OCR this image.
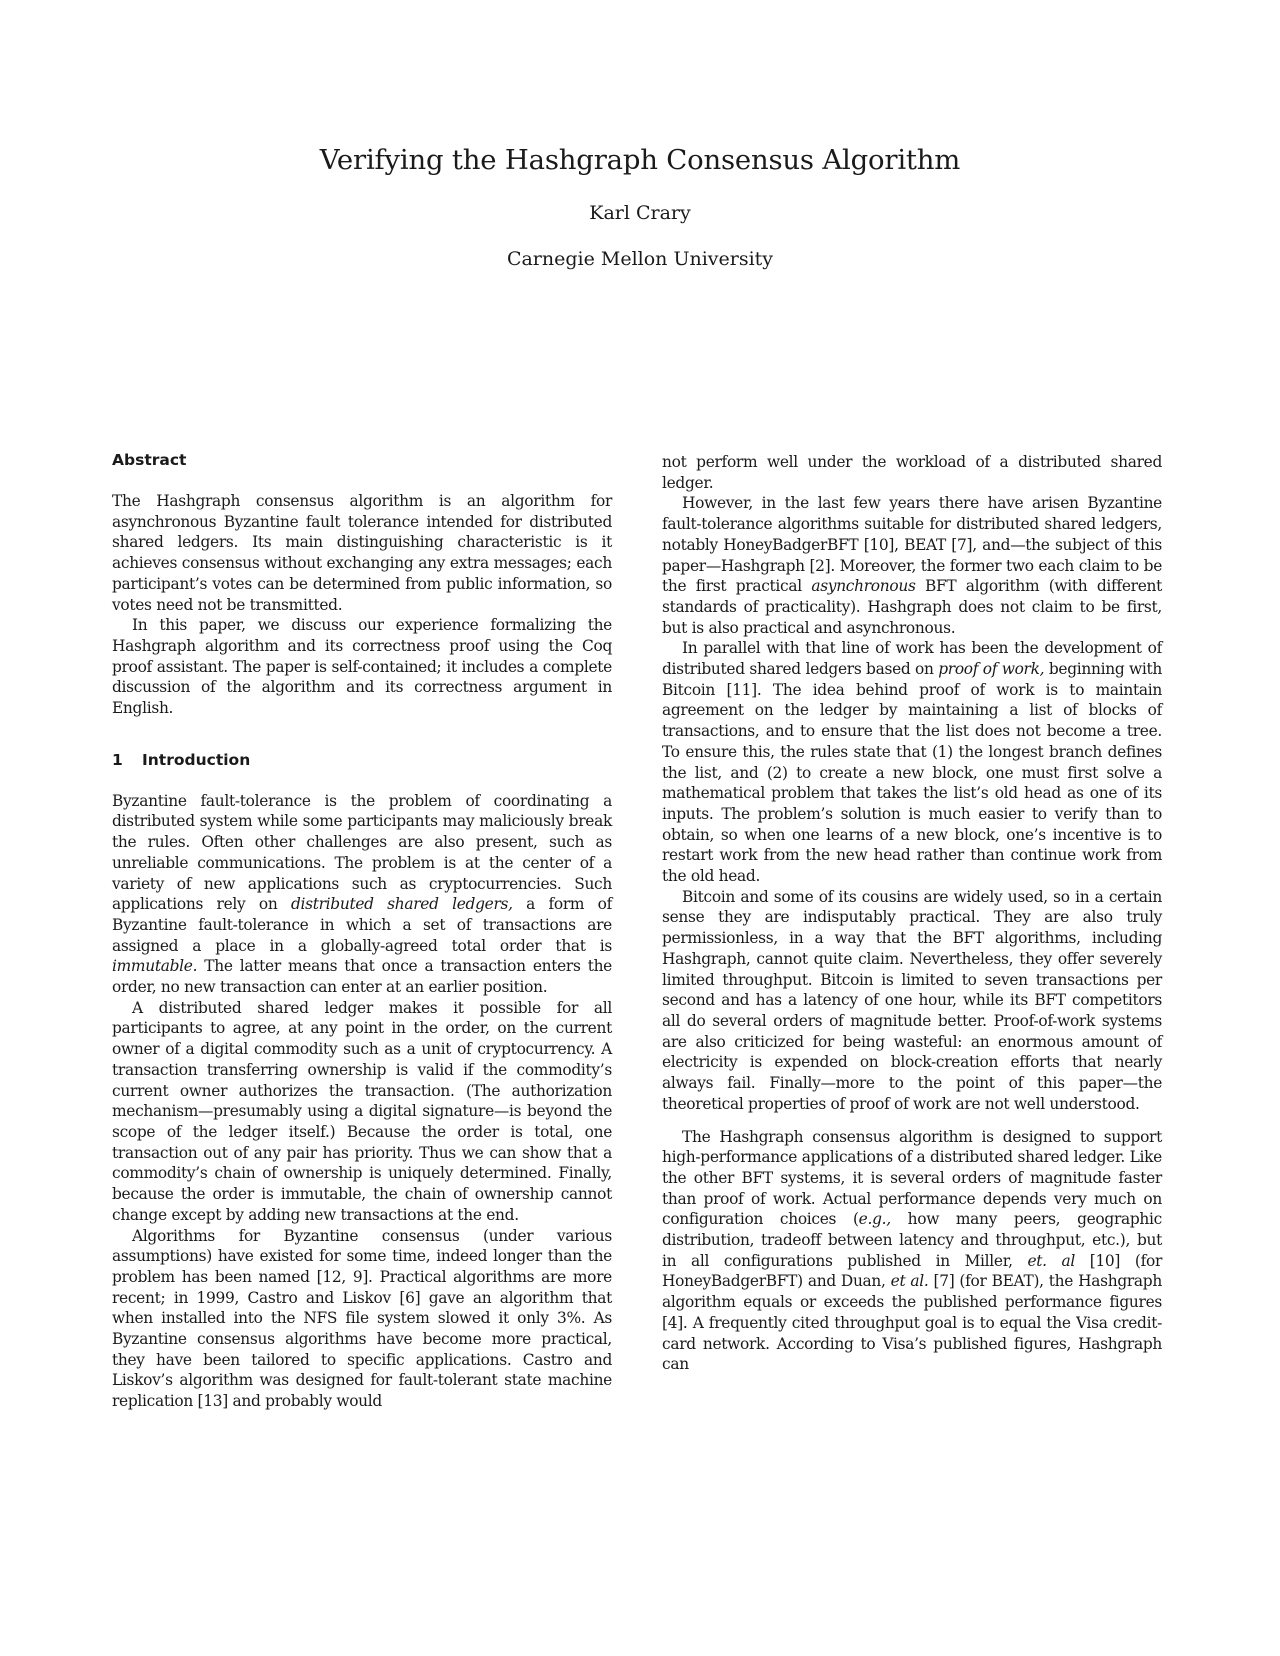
Verifying the Hashgraph Consensus Algorithm

Karl Crary

Carnegie Mellon University

Abstract

The Hashgraph consensus algorithm is an algorithm for asynchronous Byzantine fault tolerance intended for distributed shared ledgers. Its main distinguishing characteristic is it achieves consensus without exchanging any extra messages; each participant’s votes can be determined from public information, so votes need not be transmitted.

In this paper, we discuss our experience formalizing the Hashgraph algorithm and its correctness proof using the Coq proof assistant. The paper is self-contained; it includes a complete discussion of the algorithm and its correctness argument in English.

1 Introduction

Byzantine fault-tolerance is the problem of coordinating a distributed system while some participants may maliciously break the rules. Often other challenges are also present, such as unreliable communications. The problem is at the center of a variety of new applications such as cryptocurrencies. Such applications rely on distributed shared ledgers, a form of Byzantine fault-tolerance in which a set of transactions are assigned a place in a globally-agreed total order that is immutable. The latter means that once a transaction enters the order, no new transaction can enter at an earlier position.

A distributed shared ledger makes it possible for all participants to agree, at any point in the order, on the current owner of a digital commodity such as a unit of cryptocurrency. A transaction transferring ownership is valid if the commodity’s current owner authorizes the transaction. (The authorization mechanism—presumably using a digital signature—is beyond the scope of the ledger itself.) Because the order is total, one transaction out of any pair has priority. Thus we can show that a commodity’s chain of ownership is uniquely determined. Finally, because the order is immutable, the chain of ownership cannot change except by adding new transactions at the end.

Algorithms for Byzantine consensus (under various assumptions) have existed for some time, indeed longer than the problem has been named [12, 9]. Practical algorithms are more recent; in 1999, Castro and Liskov [6] gave an algorithm that when installed into the NFS file system slowed it only 3%. As Byzantine consensus algorithms have become more practical, they have been tailored to specific applications. Castro and Liskov’s algorithm was designed for fault-tolerant state machine replication [13] and probably would

not perform well under the workload of a distributed shared ledger.

However, in the last few years there have arisen Byzantine fault-tolerance algorithms suitable for distributed shared ledgers, notably HoneyBadgerBFT [10], BEAT [7], and—the subject of this paper—Hashgraph [2]. Moreover, the former two each claim to be the first practical asynchronous BFT algorithm (with different standards of practicality). Hashgraph does not claim to be first, but is also practical and asynchronous.

In parallel with that line of work has been the development of distributed shared ledgers based on proof of work, beginning with Bitcoin [11]. The idea behind proof of work is to maintain agreement on the ledger by maintaining a list of blocks of transactions, and to ensure that the list does not become a tree. To ensure this, the rules state that (1) the longest branch defines the list, and (2) to create a new block, one must first solve a mathematical problem that takes the list’s old head as one of its inputs. The problem’s solution is much easier to verify than to obtain, so when one learns of a new block, one’s incentive is to restart work from the new head rather than continue work from the old head.

Bitcoin and some of its cousins are widely used, so in a certain sense they are indisputably practical. They are also truly permissionless, in a way that the BFT algorithms, including Hashgraph, cannot quite claim. Nevertheless, they offer severely limited throughput. Bitcoin is limited to seven transactions per second and has a latency of one hour, while its BFT competitors all do several orders of magnitude better. Proof-of-work systems are also criticized for being wasteful: an enormous amount of electricity is expended on block-creation efforts that nearly always fail. Finally—more to the point of this paper—the theoretical properties of proof of work are not well understood.

The Hashgraph consensus algorithm is designed to support high-performance applications of a distributed shared ledger. Like the other BFT systems, it is several orders of magnitude faster than proof of work. Actual performance depends very much on configuration choices (e.g., how many peers, geographic distribution, tradeoff between latency and throughput, etc.), but in all configurations published in Miller, et. al [10] (for HoneyBadgerBFT) and Duan, et al. [7] (for BEAT), the Hashgraph algorithm equals or exceeds the published performance figures [4]. A frequently cited throughput goal is to equal the Visa credit-card network. According to Visa’s published figures, Hashgraph can
